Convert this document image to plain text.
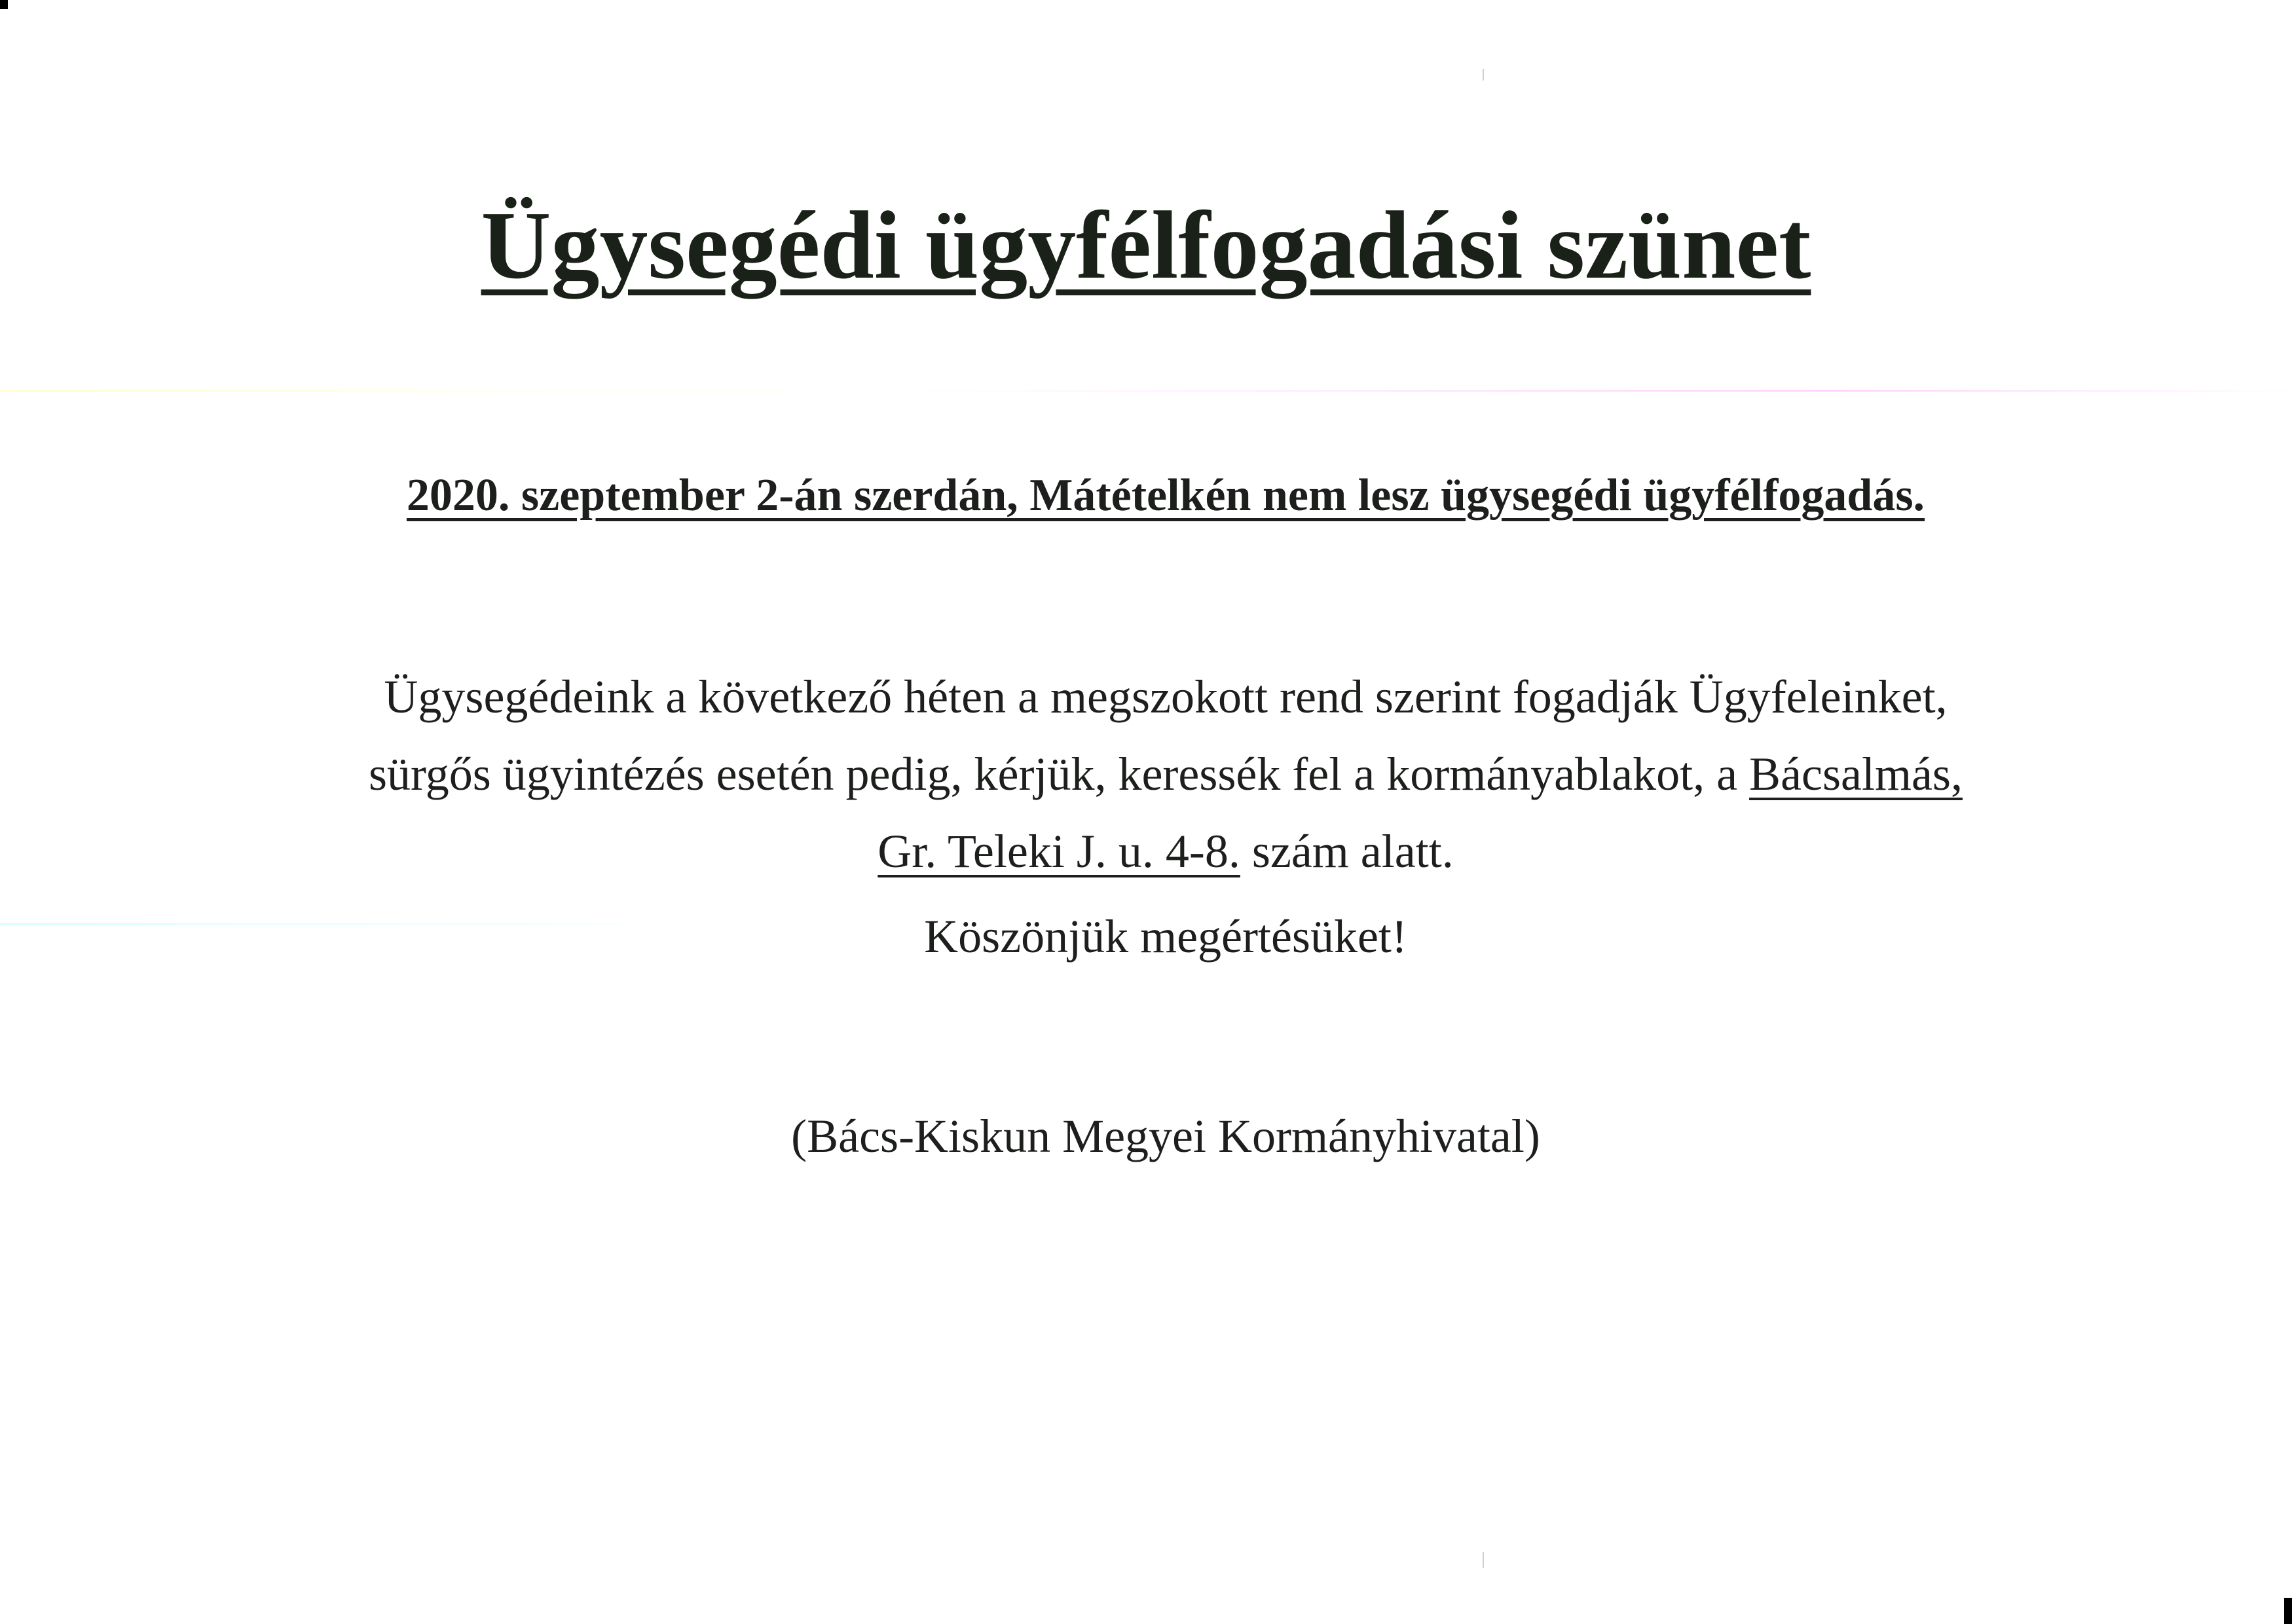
Ügysegédi ügyfélfogadási szünet
2020. szeptember 2-án szerdán, Mátételkén nem lesz ügysegédi ügyfélfogadás.
Ügysegédeink a következő héten a megszokott rend szerint fogadják Ügyfeleinket,
sürgős ügyintézés esetén pedig, kérjük, keressék fel a kormányablakot, a Bácsalmás,
Gr. Teleki J. u. 4-8. szám alatt.
Köszönjük megértésüket!
(Bács-Kiskun Megyei Kormányhivatal)
